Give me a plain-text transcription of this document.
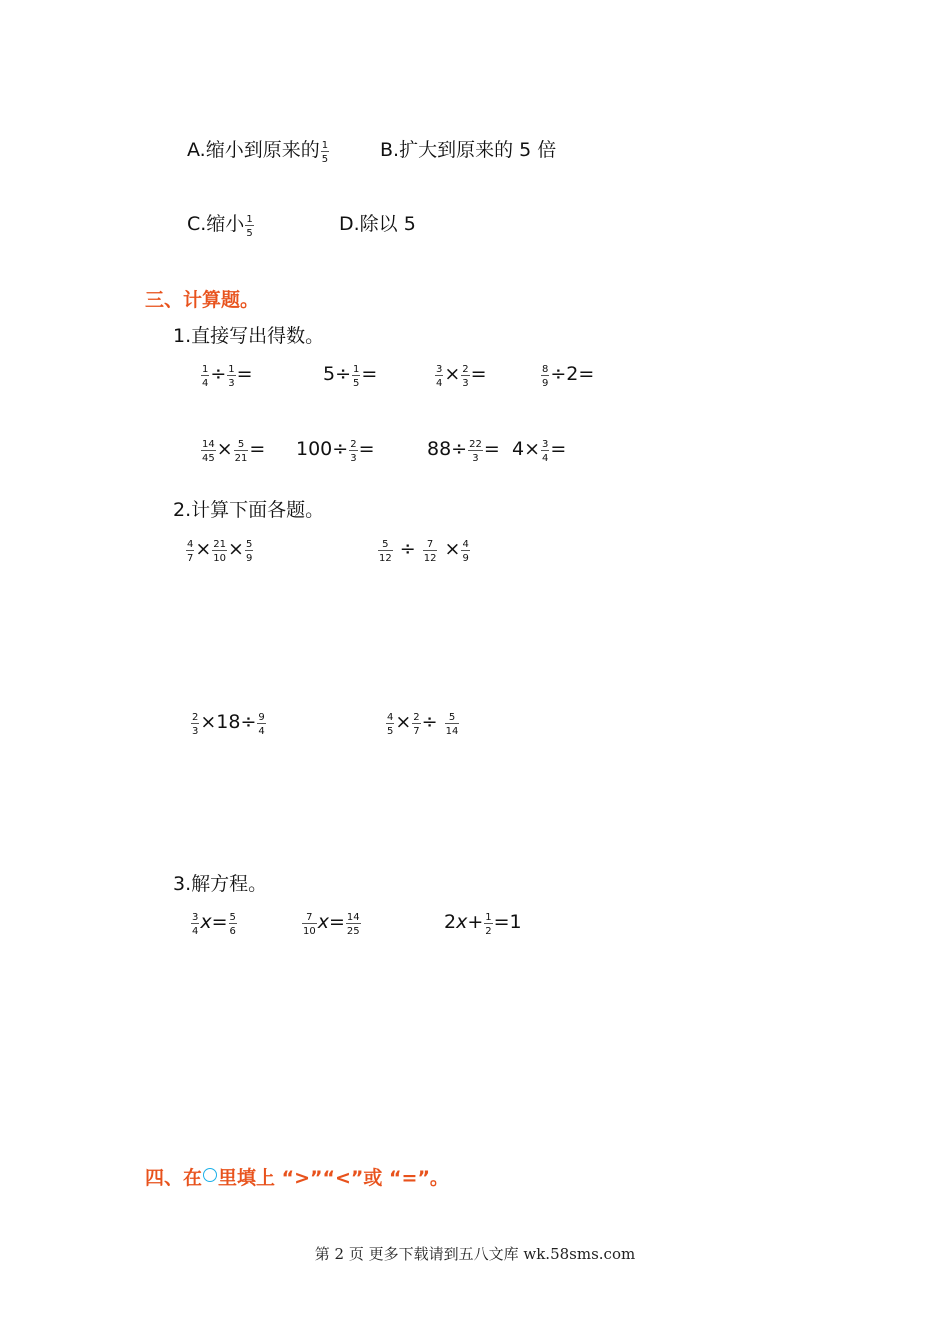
A.缩小到原来的 $\frac{1}{5}$	B.扩大到原来的 5 倍
C.缩小 $\frac{1}{5}$	D.除以 5
三、计算题。
1.直接写出得数。
$\frac{1}{4} \div \frac{1}{3}$ =	$5\div \frac{1}{5}$ =	$\frac{3}{4} \times \frac{2}{3}$ =	$\frac{8}{9} \div 2=$
$\frac{14}{45} \times \frac{5}{21} = 100\div \frac{2}{3}$ =	$88\div \frac{22}{3} = 4\times \frac{3}{4}$ =
2.计算下面各题。
$\frac{4}{7} \times \frac{21}{10} \times \frac{5}{9}$	$\frac{5}{12} \div \frac{7}{12} \times \frac{4}{9}$
$\frac{2}{3} \times 18\div \frac{9}{4}$	$\frac{4}{5} \times \frac{2}{7} \div \frac{5}{14}$
3.解方程。
$\frac{3}{4} x= \frac{5}{6}$	$\frac{7}{10} x= \frac{14}{25}$	$2x+ \frac{1}{2} =1$
四、在 里填上 “>”“<”或 “=”。
第 2 页 更多下载请到五八文库 wk.58sms.com
